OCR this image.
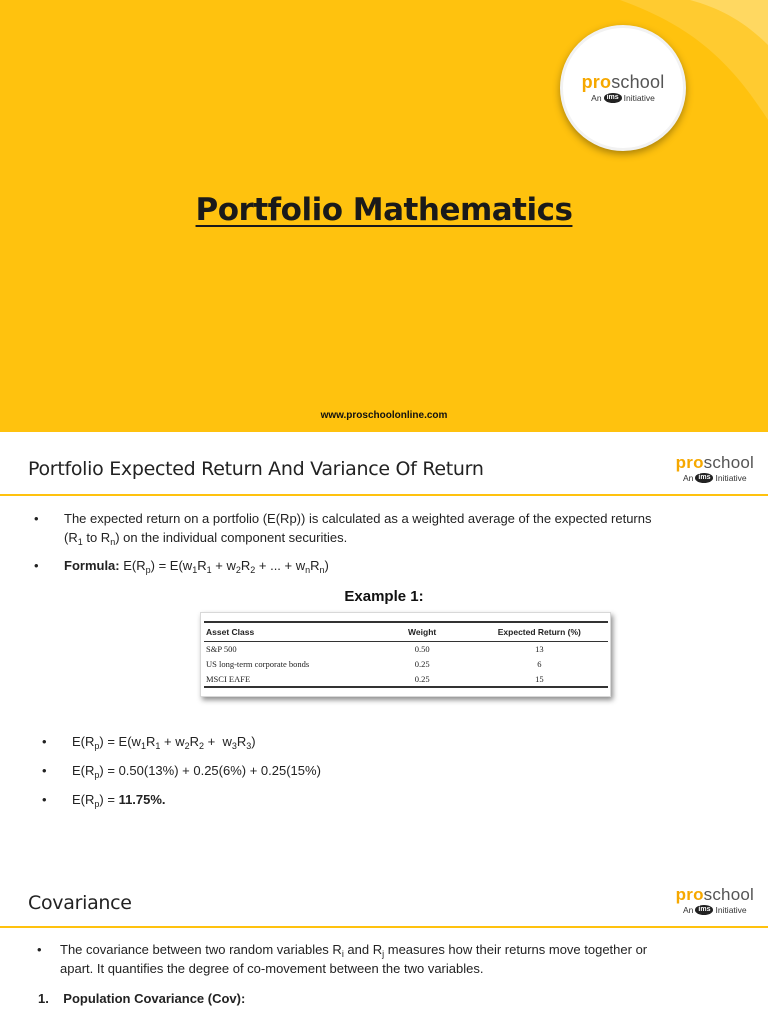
proschool
An ims Initiative
Portfolio Mathematics
www.proschoolonline.com
Portfolio Expected Return And Variance Of Return	proschool
An ims Initiative
• The expected return on a portfolio (E(Rp)) is calculated as a weighted average of the expected returns
($R_1$ to $R_n$) on the individual component securities.
• Formula: $E(R_p) = E(w_1R_1 + w_2R_2$ + ... + $w_nR_n$)
Example 1:
Asset Class	Weight	Expected Return (%)
S&P 500	0.50	13
US long-term corporate bonds	0.25	6
MSCI EAFE	0.25	15
• $E(R_p) = E(w_1R_1 + w_2R_2 + w_3R_3)$
• $E(R_p) = 0.50(13\%) + 0.25(6\%) + 0.25(15\%)$
• $E(R_p) = 11.75\%$.
Covariance	proschool
An ims Initiative
• The covariance between two random variables $R_i$ and $R_j$ measures how their returns move together or
apart. It quantifies the degree of co-movement between the two variables.
1. Population Covariance (Cov):
